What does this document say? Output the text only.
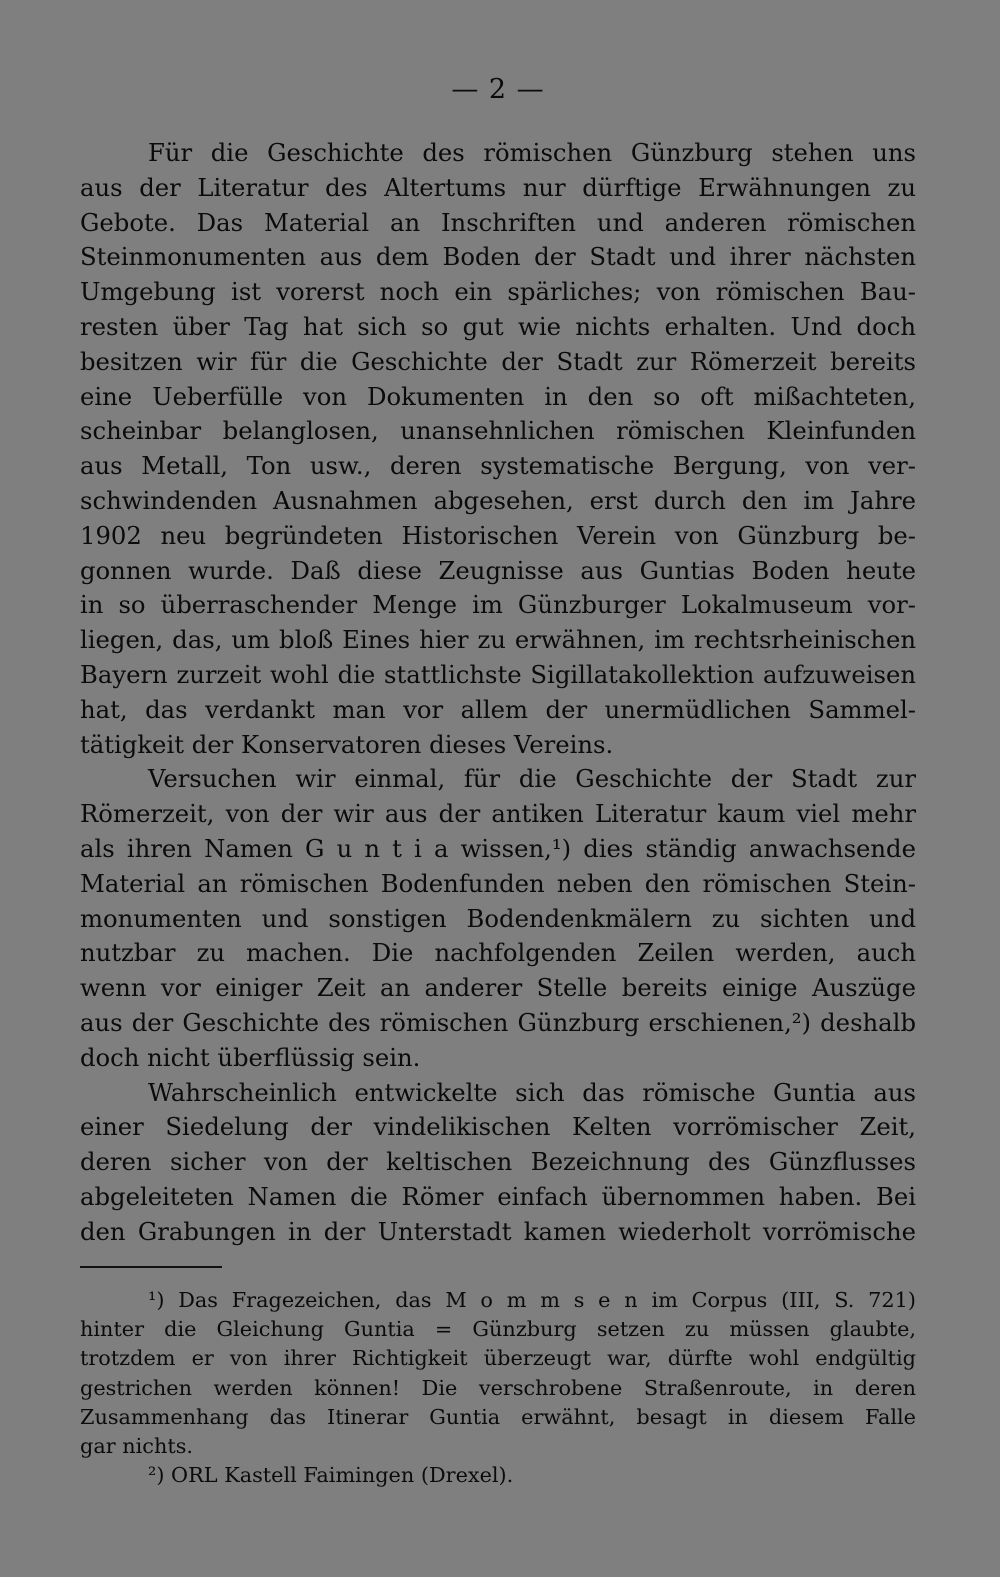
— 2 —
Für die Geschichte des römischen Günzburg stehen uns
aus der Literatur des Altertums nur dürftige Erwähnungen zu
Gebote. Das Material an Inschriften und anderen römischen
Steinmonumenten aus dem Boden der Stadt und ihrer nächsten
Umgebung ist vorerst noch ein spärliches; von römischen Bau-
resten über Tag hat sich so gut wie nichts erhalten. Und doch
besitzen wir für die Geschichte der Stadt zur Römerzeit bereits
eine Ueberfülle von Dokumenten in den so oft mißachteten,
scheinbar belanglosen, unansehnlichen römischen Kleinfunden
aus Metall, Ton usw., deren systematische Bergung, von ver-
schwindenden Ausnahmen abgesehen, erst durch den im Jahre
1902 neu begründeten Historischen Verein von Günzburg be-
gonnen wurde. Daß diese Zeugnisse aus Guntias Boden heute
in so überraschender Menge im Günzburger Lokalmuseum vor-
liegen, das, um bloß Eines hier zu erwähnen, im rechtsrheinischen
Bayern zurzeit wohl die stattlichste Sigillatakollektion aufzuweisen
hat, das verdankt man vor allem der unermüdlichen Sammel-
tätigkeit der Konservatoren dieses Vereins.
Versuchen wir einmal, für die Geschichte der Stadt zur
Römerzeit, von der wir aus der antiken Literatur kaum viel mehr
als ihren Namen G u n t i a wissen,¹) dies ständig anwachsende
Material an römischen Bodenfunden neben den römischen Stein-
monumenten und sonstigen Bodendenkmälern zu sichten und
nutzbar zu machen. Die nachfolgenden Zeilen werden, auch
wenn vor einiger Zeit an anderer Stelle bereits einige Auszüge
aus der Geschichte des römischen Günzburg erschienen,²) deshalb
doch nicht überflüssig sein.
Wahrscheinlich entwickelte sich das römische Guntia aus
einer Siedelung der vindelikischen Kelten vorrömischer Zeit,
deren sicher von der keltischen Bezeichnung des Günzflusses
abgeleiteten Namen die Römer einfach übernommen haben. Bei
den Grabungen in der Unterstadt kamen wiederholt vorrömische
¹) Das Fragezeichen, das M o m m s e n im Corpus (III, S. 721)
hinter die Gleichung Guntia = Günzburg setzen zu müssen glaubte,
trotzdem er von ihrer Richtigkeit überzeugt war, dürfte wohl endgültig
gestrichen werden können! Die verschrobene Straßenroute, in deren
Zusammenhang das Itinerar Guntia erwähnt, besagt in diesem Falle
gar nichts.
²) ORL Kastell Faimingen (Drexel).
